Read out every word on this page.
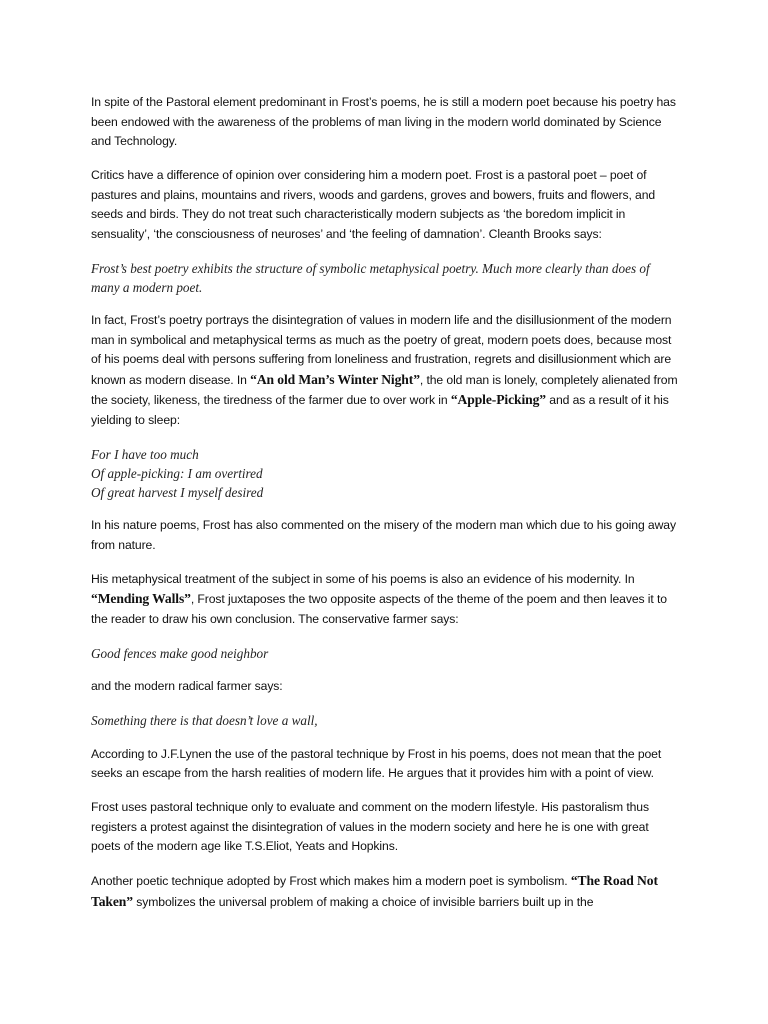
In spite of the Pastoral element predominant in Frost’s poems, he is still a modern poet because his poetry has been endowed with the awareness of the problems of man living in the modern world dominated by Science and Technology.

Critics have a difference of opinion over considering him a modern poet. Frost is a pastoral poet – poet of pastures and plains, mountains and rivers, woods and gardens, groves and bowers, fruits and flowers, and seeds and birds. They do not treat such characteristically modern subjects as ‘the boredom implicit in sensuality’, ‘the consciousness of neuroses’ and ‘the feeling of damnation’. Cleanth Brooks says:

Frost’s best poetry exhibits the structure of symbolic metaphysical poetry. Much more clearly than does of many a modern poet.

In fact, Frost’s poetry portrays the disintegration of values in modern life and the disillusionment of the modern man in symbolical and metaphysical terms as much as the poetry of great, modern poets does, because most of his poems deal with persons suffering from loneliness and frustration, regrets and disillusionment which are known as modern disease. In “An old Man’s Winter Night”, the old man is lonely, completely alienated from the society, likeness, the tiredness of the farmer due to over work in “Apple-Picking” and as a result of it his yielding to sleep:

For I have too much
Of apple-picking: I am overtired
Of great harvest I myself desired

In his nature poems, Frost has also commented on the misery of the modern man which due to his going away from nature.

His metaphysical treatment of the subject in some of his poems is also an evidence of his modernity. In “Mending Walls”, Frost juxtaposes the two opposite aspects of the theme of the poem and then leaves it to the reader to draw his own conclusion. The conservative farmer says:

Good fences make good neighbor

and the modern radical farmer says:

Something there is that doesn’t love a wall,

According to J.F.Lynen the use of the pastoral technique by Frost in his poems, does not mean that the poet seeks an escape from the harsh realities of modern life. He argues that it provides him with a point of view.

Frost uses pastoral technique only to evaluate and comment on the modern lifestyle. His pastoralism thus registers a protest against the disintegration of values in the modern society and here he is one with great poets of the modern age like T.S.Eliot, Yeats and Hopkins.

Another poetic technique adopted by Frost which makes him a modern poet is symbolism. “The Road Not Taken” symbolizes the universal problem of making a choice of invisible barriers built up in the
